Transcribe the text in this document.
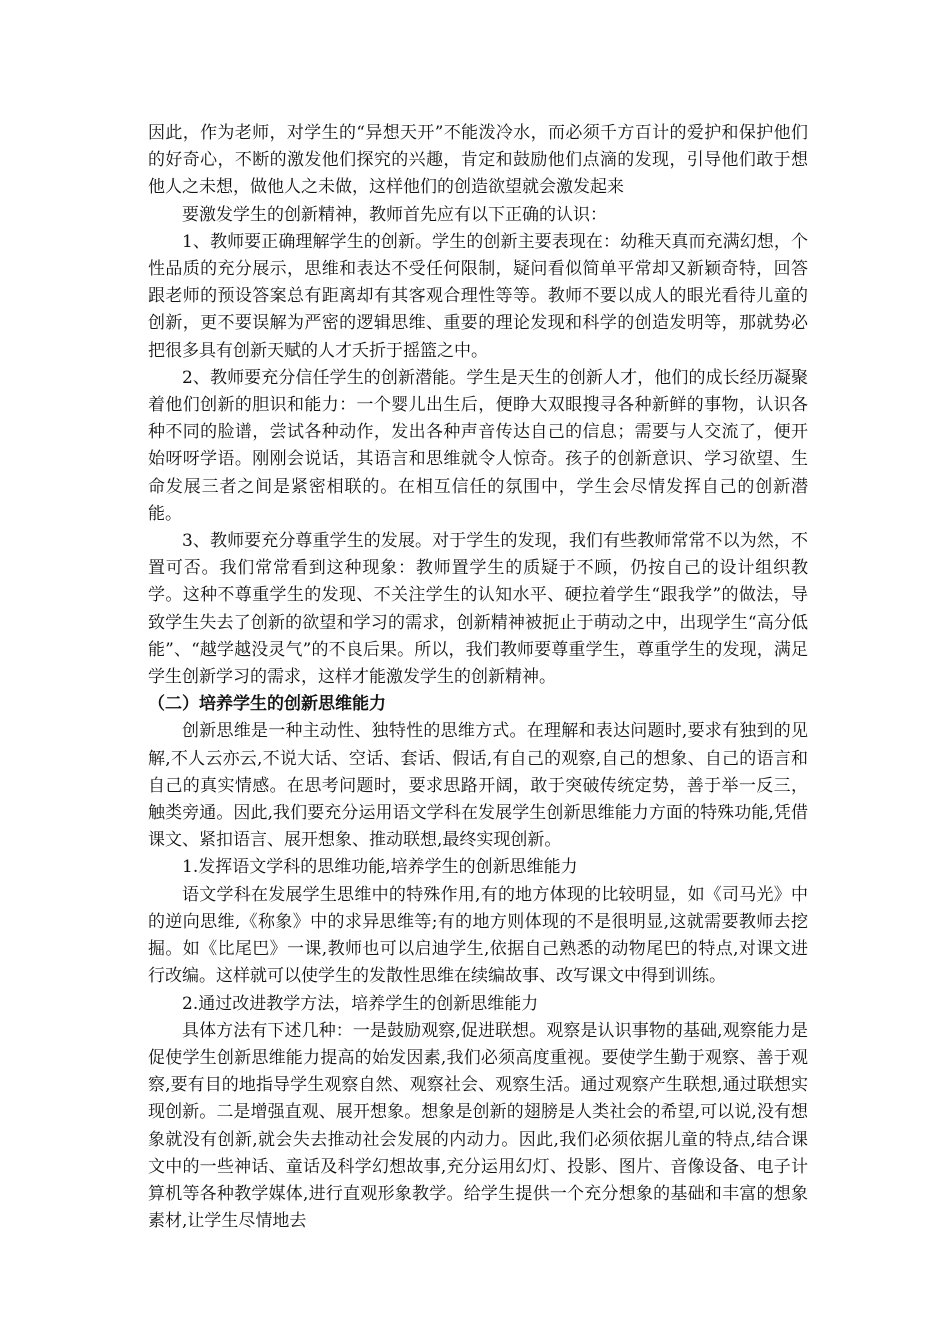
因此，作为老师，对学生的“异想天开”不能泼冷水，而必须千方百计的爱护和保护他们的好奇心，不断的激发他们探究的兴趣，肯定和鼓励他们点滴的发现，引导他们敢于想他人之未想，做他人之未做，这样他们的创造欲望就会激发起来

要激发学生的创新精神，教师首先应有以下正确的认识：

1、教师要正确理解学生的创新。学生的创新主要表现在：幼稚天真而充满幻想，个性品质的充分展示，思维和表达不受任何限制，疑问看似简单平常却又新颖奇特，回答跟老师的预设答案总有距离却有其客观合理性等等。教师不要以成人的眼光看待儿童的创新，更不要误解为严密的逻辑思维、重要的理论发现和科学的创造发明等，那就势必把很多具有创新天赋的人才夭折于摇篮之中。

2、教师要充分信任学生的创新潜能。学生是天生的创新人才，他们的成长经历凝聚着他们创新的胆识和能力：一个婴儿出生后，便睁大双眼搜寻各种新鲜的事物，认识各种不同的脸谱，尝试各种动作，发出各种声音传达自己的信息；需要与人交流了，便开始呀呀学语。刚刚会说话，其语言和思维就令人惊奇。孩子的创新意识、学习欲望、生命发展三者之间是紧密相联的。在相互信任的氛围中，学生会尽情发挥自己的创新潜能。

3、教师要充分尊重学生的发展。对于学生的发现，我们有些教师常常不以为然，不置可否。我们常常看到这种现象：教师置学生的质疑于不顾，仍按自己的设计组织教学。这种不尊重学生的发现、不关注学生的认知水平、硬拉着学生“跟我学”的做法，导致学生失去了创新的欲望和学习的需求，创新精神被扼止于萌动之中，出现学生“高分低能”、“越学越没灵气”的不良后果。所以，我们教师要尊重学生，尊重学生的发现，满足学生创新学习的需求，这样才能激发学生的创新精神。

（二）培养学生的创新思维能力

创新思维是一种主动性、独特性的思维方式。在理解和表达问题时,要求有独到的见解,不人云亦云,不说大话、空话、套话、假话,有自己的观察,自己的想象、自己的语言和自己的真实情感。在思考问题时，要求思路开阔，敢于突破传统定势，善于举一反三，触类旁通。因此,我们要充分运用语文学科在发展学生创新思维能力方面的特殊功能,凭借课文、紧扣语言、展开想象、推动联想,最终实现创新。

1.发挥语文学科的思维功能,培养学生的创新思维能力

语文学科在发展学生思维中的特殊作用,有的地方体现的比较明显，如《司马光》中的逆向思维,《称象》中的求异思维等;有的地方则体现的不是很明显,这就需要教师去挖掘。如《比尾巴》一课,教师也可以启迪学生,依据自己熟悉的动物尾巴的特点,对课文进行改编。这样就可以使学生的发散性思维在续编故事、改写课文中得到训练。

2.通过改进教学方法，培养学生的创新思维能力

具体方法有下述几种：一是鼓励观察,促进联想。观察是认识事物的基础,观察能力是促使学生创新思维能力提高的始发因素,我们必须高度重视。要使学生勤于观察、善于观察,要有目的地指导学生观察自然、观察社会、观察生活。通过观察产生联想,通过联想实现创新。二是增强直观、展开想象。想象是创新的翅膀是人类社会的希望,可以说,没有想象就没有创新,就会失去推动社会发展的内动力。因此,我们必须依据儿童的特点,结合课文中的一些神话、童话及科学幻想故事,充分运用幻灯、投影、图片、音像设备、电子计算机等各种教学媒体,进行直观形象教学。给学生提供一个充分想象的基础和丰富的想象素材,让学生尽情地去
